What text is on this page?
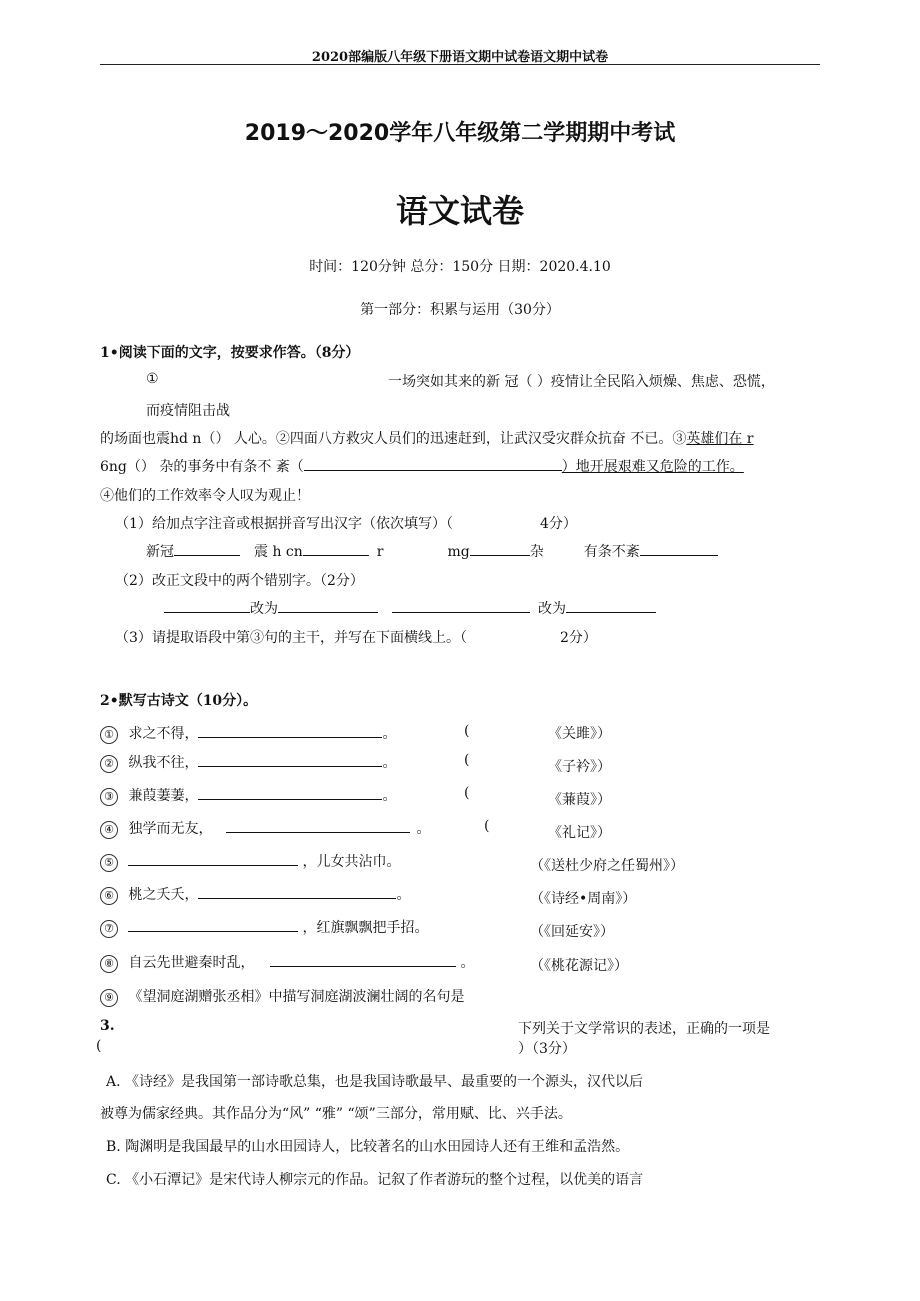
2020部编版八年级下册语文期中试卷语文期中试卷
2019～2020学年八年级第二学期期中考试
语文试卷
时间：120分钟 总分：150分 日期：2020.4.10
第一部分：积累与运用（30分）
1•阅读下面的文字，按要求作答。（8分）
①	一场突如其来的新 冠（ ）疫情让全民陷入烦燥、焦虑、恐慌，
而疫情阻击战
的场面也震hd n（） 人心。②四面八方救灾人员们的迅速赶到，让武汉受灾群众抗奋 不已。③英雄们在 r
6ng（） 杂的事务中有条不 紊（	）地开展艰难又危险的工作。
④他们的工作效率令人叹为观止！
（1） 给加点字注音或根据拼音写出汉字（依次填写）（	4分）
新冠	震 h cn	r	mg	杂	有条不紊
（2） 改正文段中的两个错别字。（2分）
改为	改为
（3） 请提取语段中第③句的主干，并写在下面横线上。（	2分）
2•默写古诗文（10分）。
① 求之不得，	。	(	《关雎》）
② 纵我不往，	。	(	《子衿》）
③ 兼葭萋萋，	。	(	《蒹葭》）
④ 独学而无友，	。	(	《礼记》）
⑤	，儿女共沾巾。	（《送杜少府之任蜀州》）
⑥ 桃之夭夭，	。	（《诗经•周南》）
⑦	，红旗飘飘把手招。	（《回延安》）
⑧ 自云先世避秦时乱，	。	（《桃花源记》）
⑨ 《望洞庭湖赠张丞相》中描写洞庭湖波澜壮阔的名句是
3.	下列关于文学常识的表述，正确的一项是
(	）（3分）
A. 《诗经》是我国第一部诗歌总集，也是我国诗歌最早、最重要的一个源头，汉代以后
被尊为儒家经典。其作品分为“风” “雅” “颂”三部分，常用赋、比、兴手法。
B. 陶渊明是我国最早的山水田园诗人，比较著名的山水田园诗人还有王维和孟浩然。
C. 《小石潭记》是宋代诗人柳宗元的作品。记叙了作者游玩的整个过程，以优美的语言
